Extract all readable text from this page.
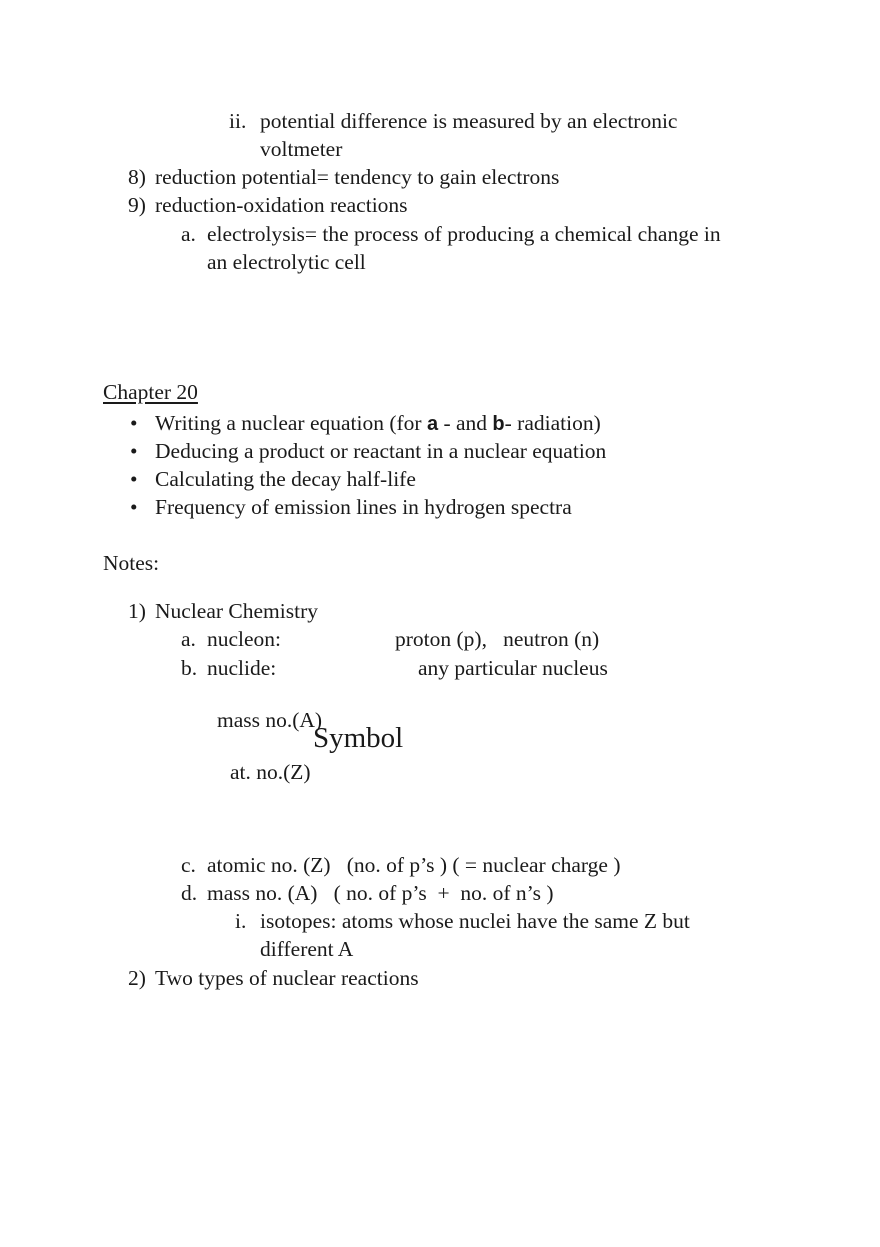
ii. potential difference is measured by an electronic
voltmeter
8) reduction potential= tendency to gain electrons
9) reduction-oxidation reactions
a. electrolysis= the process of producing a chemical change in
an electrolytic cell
Chapter 20
• Writing a nuclear equation (for a - and b- radiation)
• Deducing a product or reactant in a nuclear equation
• Calculating the decay half-life
• Frequency of emission lines in hydrogen spectra
Notes:
1) Nuclear Chemistry
a. nucleon:	proton (p),   neutron (n)
b. nuclide:	any particular nucleus
mass no.(A)
Symbol
at. no.(Z)
c. atomic no. (Z)   (no. of p’s ) ( = nuclear charge )
d. mass no. (A)   ( no. of p’s  +  no. of n’s )
i. isotopes: atoms whose nuclei have the same Z but
different A
2) Two types of nuclear reactions
